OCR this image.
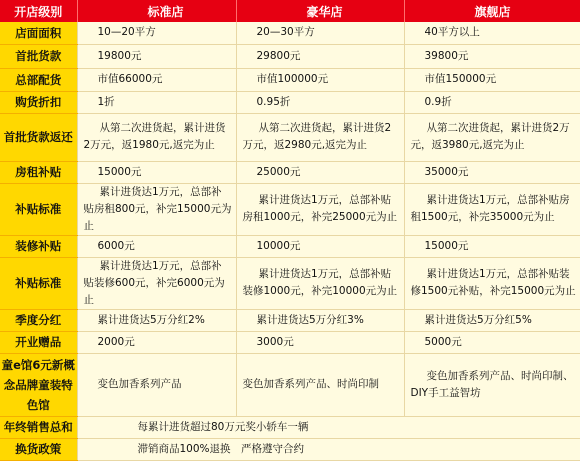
开店级别	标准店	豪华店	旗舰店
店面面积	10—20平方	20—30平方	40平方以上
首批货款	19800元	29800元	39800元
总部配货	市值66000元	市值100000元	市值150000元
购货折扣	1折	0.95折	0.9折
首批货款返还	从第二次进货起，累计进货2万元，返1980元,返完为止	从第二次进货起，累计进货2万元，返2980元,返完为止	从第二次进货起，累计进货2万元，返3980元,返完为止
房租补贴	15000元	25000元	35000元
补贴标准	累计进货达1万元，总部补贴房租800元，补完15000元为止	累计进货达1万元，总部补贴房租1000元，补完25000元为止	累计进货达1万元，总部补贴房租1500元，补完35000元为止
装修补贴	6000元	10000元	15000元
补贴标准	累计进货达1万元，总部补贴装修600元，补完6000元为止	累计进货达1万元，总部补贴装修1000元，补完10000元为止	累计进货达1万元，总部补贴装修1500元补贴，补完15000元为止
季度分红	累计进货达5万分红2%	累计进货达5万分红3%	累计进货达5万分红5%
开业赠品	2000元	3000元	5000元
童e馆6元新概念品牌童装特色馆	变色加香系列产品	变色加香系列产品、时尚印制	变色加香系列产品、时尚印制、DIY手工益智坊
年终销售总和	每累计进货超过80万元奖小轿车一辆		
换货政策	滞销商品100%退换　严格遵守合约		
